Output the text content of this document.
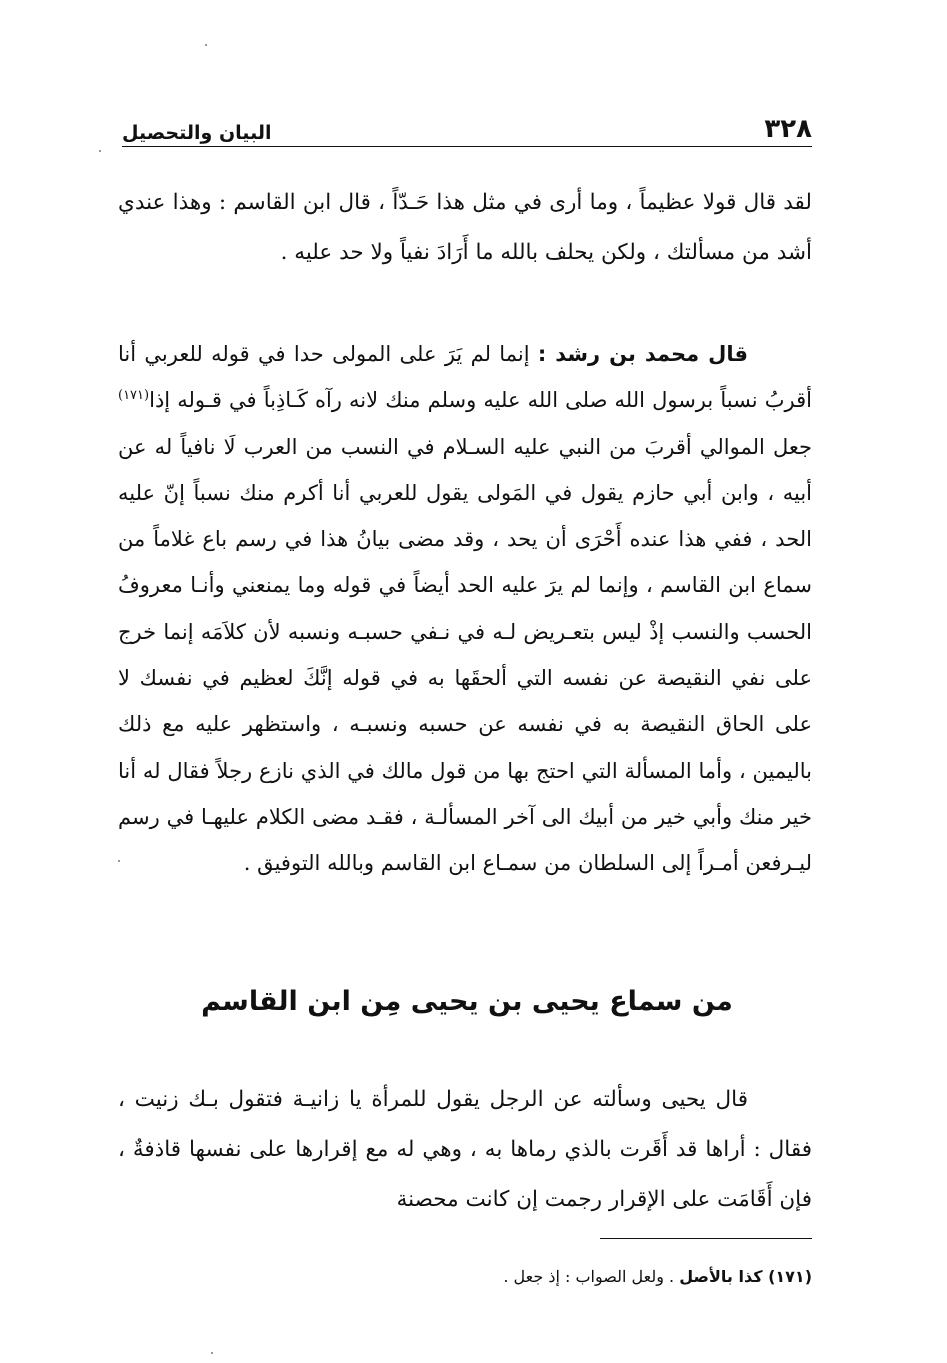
٣٢٨
البيان والتحصيل
لقد قال قولا عظيماً ، وما أرى في مثل هذا حَـدّاً ، قال ابن القاسم : وهذا عندي أشد من مسألتك ، ولكن يحلف بالله ما أَرَادَ نفياً ولا حد عليه .
قال محمد بن رشد : إنما لم يَرَ على المولى حدا في قوله للعربي أنا أقربُ نسباً برسول الله صلى الله عليه وسلم منك لانه رآه كَـاذِباً في قـوله إذا$^{(١٧١)}$ جعل الموالي أقربَ من النبي عليه السـلام في النسب من العرب لَا نافياً له عن أبيه ، وابن أبي حازم يقول في المَولى يقول للعربي أنا أكرم منك نسباً إنّ عليه الحد ، ففي هذا عنده أَحْرَى أن يحد ، وقد مضى بيانُ هذا في رسم باع غلاماً من سماع ابن القاسم ، وإنما لم يرَ عليه الحد أيضاً في قوله وما يمنعني وأنـا معروفُ الحسب والنسب إذْ ليس بتعـريض لـه في نـفي حسبـه ونسبه لأن كلاَمَه إنما خرج على نفي النقيصة عن نفسه التي ألحقَها به في قوله إنَّكَ لعظيم في نفسك لا على الحاق النقيصة به في نفسه عن حسبه ونسبـه ، واستظهر عليه مع ذلك باليمين ، وأما المسألة التي احتج بها من قول مالك في الذي نازع رجلاً فقال له أنا خير منك وأبي خير من أبيك الى آخر المسألـة ، فقـد مضى الكلام عليهـا في رسم ليـرفعن أمـراً إلى السلطان من سمـاع ابن القاسم وبالله التوفيق .
من سماع يحيى بن يحيى مِن ابن القاسم
قال يحيى وسألته عن الرجل يقول للمرأة يا زانيـة فتقول بـك زنيت ، فقال : أراها قد أَقَرت بالذي رماها به ، وهي له مع إقرارها على نفسها قاذفةٌ ، فإن أَقَامَت على الإقرار رجمت إن كانت محصنة
(١٧١) كذا بالأصل . ولعل الصواب : إذ جعل .
